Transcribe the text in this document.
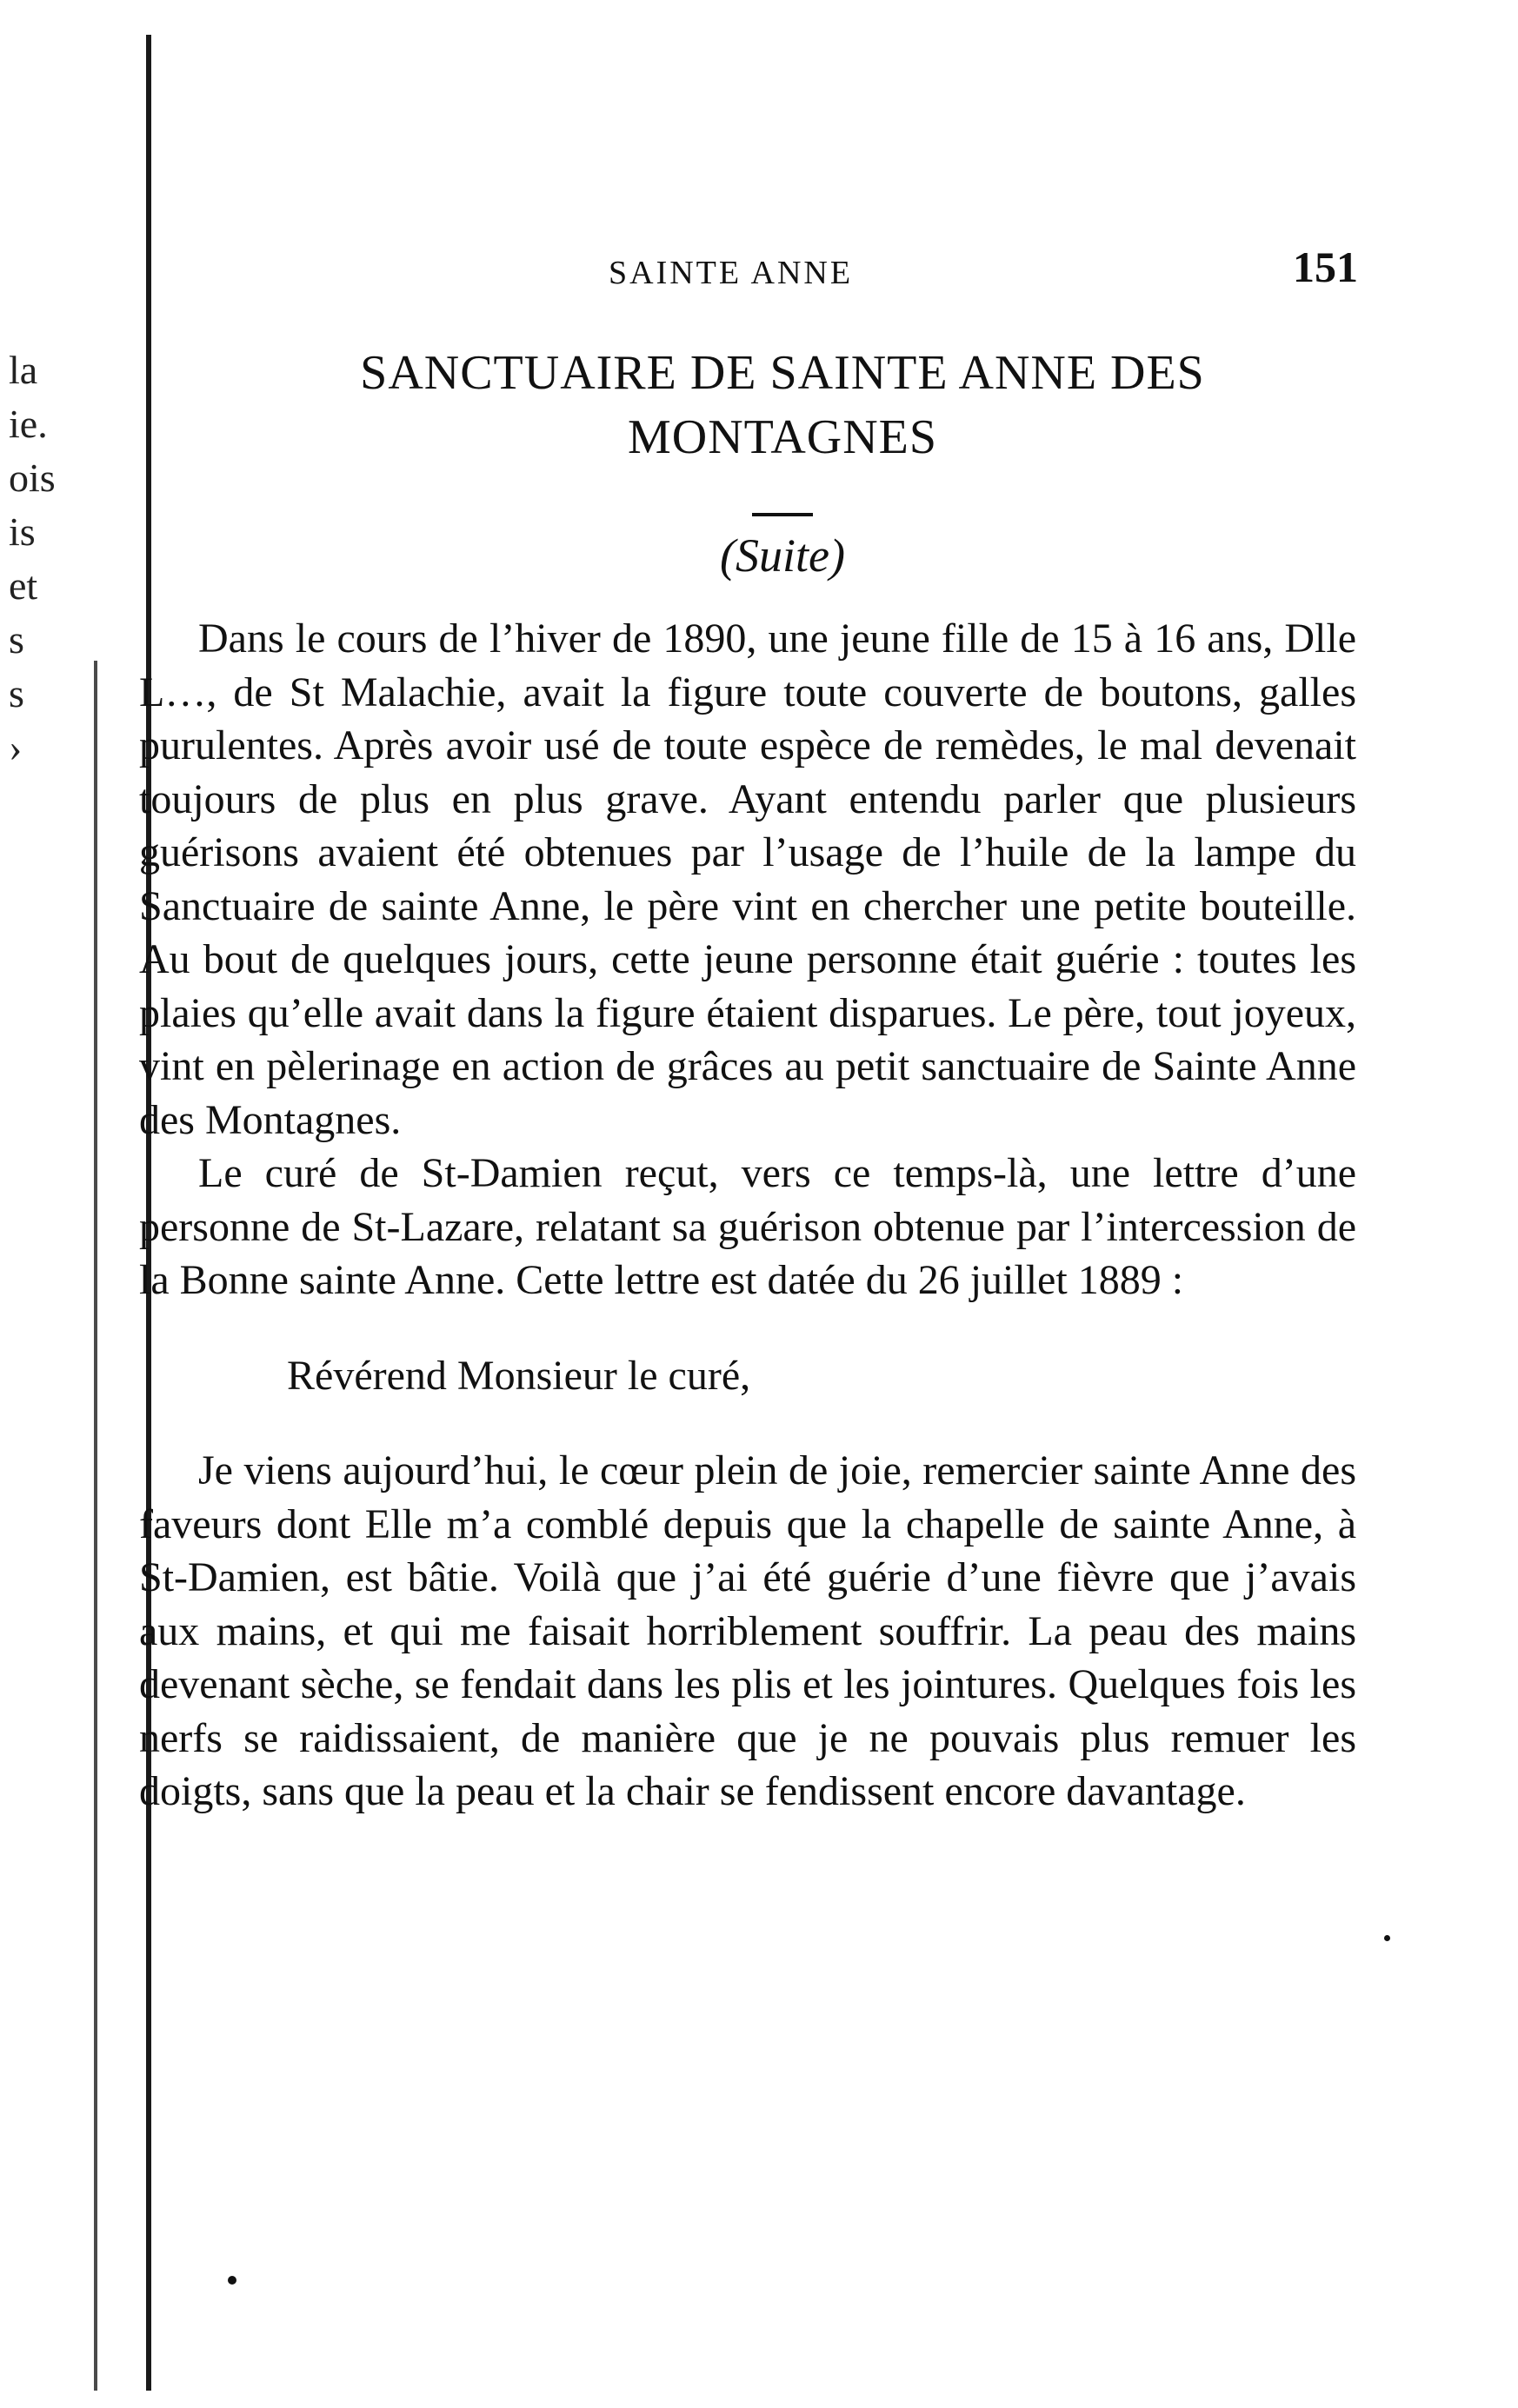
la
ie.
ois
is
et
s
s
›
SAINTE ANNE	151
SANCTUAIRE DE SAINTE ANNE DES
MONTAGNES
(Suite)

Dans le cours de l’hiver de 1890, une jeune fille de 15 à 16 ans, Dlle L…, de St Malachie, avait la figure toute couverte de boutons, galles purulentes. Après avoir usé de toute espèce de remèdes, le mal devenait toujours de plus en plus grave. Ayant entendu parler que plusieurs guérisons avaient été obtenues par l’usage de l’huile de la lampe du Sanctuaire de sainte Anne, le père vint en chercher une petite bouteille. Au bout de quelques jours, cette jeune personne était guérie : toutes les plaies qu’elle avait dans la figure étaient disparues. Le père, tout joyeux, vint en pèlerinage en action de grâces au petit sanctuaire de Sainte Anne des Montagnes.

Le curé de St-Damien reçut, vers ce temps-là, une lettre d’une personne de St-Lazare, relatant sa guérison obtenue par l’intercession de la Bonne sainte Anne. Cette lettre est datée du 26 juillet 1889 :

Révérend Monsieur le curé,

Je viens aujourd’hui, le cœur plein de joie, remercier sainte Anne des faveurs dont Elle m’a comblé depuis que la chapelle de sainte Anne, à St-Damien, est bâtie. Voilà que j’ai été guérie d’une fièvre que j’avais aux mains, et qui me faisait horriblement souffrir. La peau des mains devenant sèche, se fendait dans les plis et les jointures. Quelques fois les nerfs se raidissaient, de manière que je ne pouvais plus remuer les doigts, sans que la peau et la chair se fendissent encore davantage.
